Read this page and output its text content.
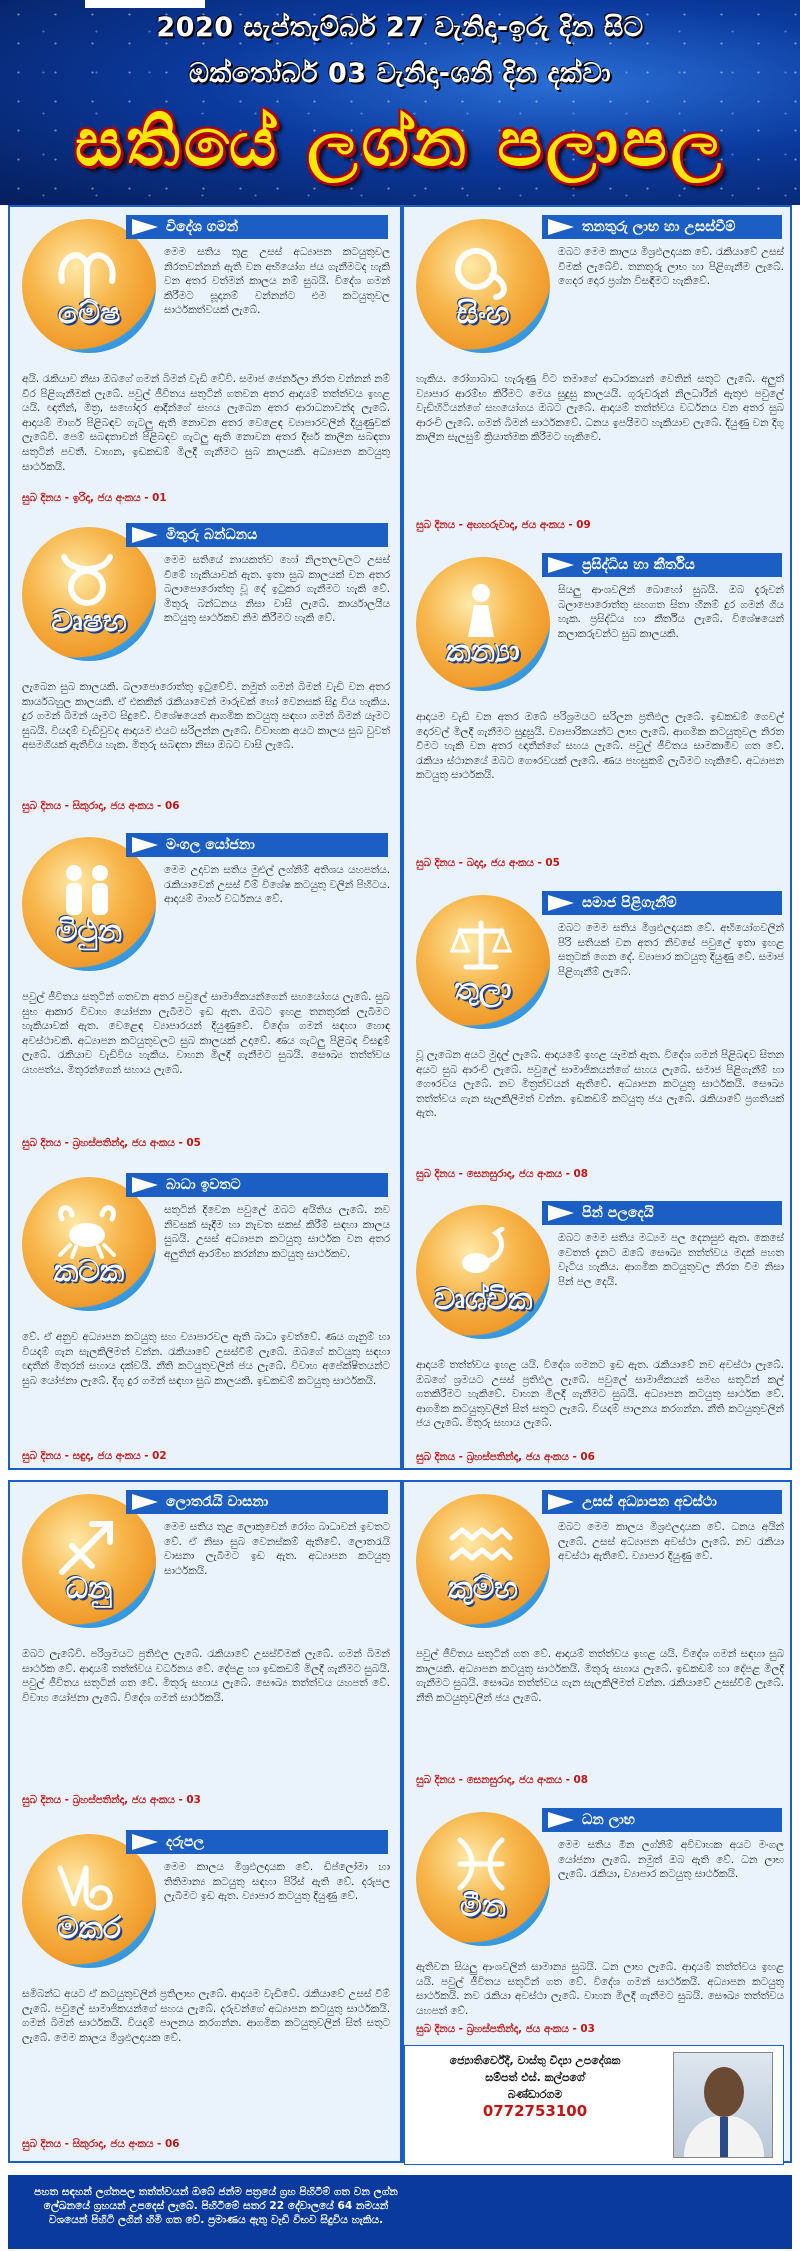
2020 සැප්තැම්බර් 27 වැනිදා-ඉරු දින සිට
ඔක්තෝබර් 03 වැනිදා-ශනි දින දක්වා
සතියේ ලග්න පලාපල
මේෂ
විදේශ ගමන්
මෙම සතිය තුළ උසස් අධ්‍යාපන කටයුතුවල නිරතවන්නන් ඇති වන අභියෝග ජය ගැනීමටද හැකි වන අතර වත්මන් කාලය නම් සුබයි. විදේශ ගමන් කිරීමට සූදානම් වන්නන්ට එම කටයුතුවල සාර්ථකත්වයක් ලැබේ.
අයි. රැකියාව නිසා ඔබගේ ගමන් බිමන් වැඩි වේවි. සමාජ ජෙර්නලා නිරත වන්නන් නම් වීර පිළිගැනීමක් ලැබේ. පවුල් ජීවිතය සතුටින් ගතවන අතර ආදායම් තත්ත්වය ඉහළ යයි. ඥාතීන්, මිත්‍ර, සහෝදර ආදීන්ගේ සහය ලැබෙන අතර ආරාධනාවන්ද ලැබේ. ආදායම් මාර්ග පිළිබඳව ගැටලු ඇති නොවන අතර වෙළෙඳ ව්‍යාපාරවලින් දියුණුවක් ලැබේවි. පෙම් සබඳතාවන් පිළිබඳව ගැටලු ඇති නොවන අතර දීර්ඝ කාලීන සබඳතා සතුටින් පවතී. වාහන, ඉඩකඩම් මිලදී ගැනීමට සුබ කාලයකි. අධ්‍යාපන කටයුතු සාර්ථකයි.
සුබ දිනය - ඉරිදා, ජය අංකය - 01
වෘෂභ
මිතුරු බන්ධනය
මෙම සතියේ නායකත්ව හෝ නිලතලවලට උසස් වීමේ හැකියාවක් ඇත. ඉතා සුබ කාලයක් වන අතර බලාපොරොත්තු වූ දේ ඉටුකර ගැනීමට හැකි වේ. මිතුරු බන්ධනය නිසා වාසි ලැබේ. කාර්යාලයීය කටයුතු සාර්ථකව නිම කිරීමට හැකි වේ.
ලැබෙන සුබ කාලයකි. බලාපොරොත්තු ඉටුවේවි. නමුත් ගමන් බිමන් වැඩි වන අතර කාර්යබහුල කාලයකි. ඒ එකකින් රැකියාවෙන් මාරුවක් හෝ වෙනසක් සිදු විය හැකිය. දුර ගමන් බිමන් යෑමට සිදුවේ. විශේෂයෙන් ආගමික කටයුතු සඳහා ගමන් බිමන් යෑමට සුබයි. වියදම් වැඩිවුවද ආදායම එයට සරිලන්න ලැබේ. විවාහක අයට කාලය සුබ වුවත් අසමගියක් ඇතිවිය හැක. මිතුරු සබඳතා නිසා ඔබට වාසි ලැබේ.
සුබ දිනය - සිකුරාදා, ජය අංකය - 06
මිථුන
මංගල යෝජනා
මෙම උදාවන සතිය මුළුල් ලග්නිම් අතිශය යහපත්ය. රැකියාවෙන් උසස් වීම් විශේෂ කටයුතු වලින් පිහිටය. ආදායම් මාර්ග වර්ධනය වේ.
පවුල් ජීවිතය සතුටින් ගතවන අතර පවුලේ සාමාජිකයන්ගෙන් සහයෝගය ලැබේ. සුබ සුභ ආකාර විවාහ යෝජනා ලැබීමට ඉඩ ඇත. ඔබට ඉහළ තනතුරක් ලැබීමට හැකියාවක් ඇත. වෙළෙඳ ව්‍යාපාරයන් දියුණුවේ. විදේශ ගමන් සඳහා හොඳ අවස්ථාවකි. අධ්‍යාපන කටයුතුවලට සුබ කාලයක් උදාවේ. ණය ගැටලු පිළිබඳ විසඳුම් ලැබේ. රැකියාව වැඩිවිය හැකිය. වාහන මිලදී ගැනීමට සුබයි. සෞඛ්‍ය තත්ත්වය යහපත්ය. මිතුරන්ගෙන් සහාය ලැබේ.
සුබ දිනය - බ්‍රහස්පතින්දා, ජය අංකය - 05
කටක
බාධා ඉවතට
සතුටින් දිවෙන පවුලේ ඔබට අයිතිය ලැබේ. නව නිවසක් සෑදීම හා නැවත සකස් කිරීම් සඳහා කාලය සුබයි. උසස් අධ්‍යාපන කටයුතු සාර්ථක වන අතර අලුතින් ආරම්භ කරන්නා කටයුතු සාර්ථකව.
වේ. ඒ අනුව අධ්‍යාපන කටයුතු සහ ව්‍යාපාරවල ඇති බාධා ඉවත්වේ. ණය ගැනුම් හා වියදම් ගැන සැලකිලිමත් වන්න. රැකියාවේ උසස්වීම් ලැබේ. ඔබගේ කටයුතු සඳහා ඥාතීන් මිතුරන් සහාය දක්වයි. නීති කටයුතුවලින් ජය ලැබේ. විවාහ අපේක්ෂිතයන්ට සුබ යෝජනා ලැබේ. දිගු දුර ගමන් සඳහා සුබ කාලයකි. ඉඩකඩම් කටයුතු සාර්ථකයි.
සුබ දිනය - සඳුදා, ජය අංකය - 02
සිංහ
තනතුරු ලාභ හා උසස්වීම්
ඔබට මෙම කාලය මිශ්‍රඵලදායක වේ. රැකියාවේ උසස් වීමක් ලැබේවි. තනතුරු ලාභ හා පිළිගැනීම ලැබේ. ගෙදර දොර ප්‍රශ්න විසඳීමට හැකිවේ.
හැකිය. රෝගාබාධ හැරුණු විට තමාගේ ආධාරකයන් වෙතින් සතුට ලැබේ. අලුත් ව්‍යාපාර ආරම්භ කිරීමට මෙය සුදුසු කාලයයි. ගුරුවරුන් නිලධාරීන් ඇතුළු පවුලේ වැඩිහිටියන්ගේ සහයෝගය ඔබට ලැබේ. ආදායම් තත්ත්වය වර්ධනය වන අතර සුබ ආරංචි ලැබේ. ගමන් බිමන් සාර්ථකවේ. ධනය ඉපයීමට හැකියාව ලැබේ. දියුණු වන දිගු කාලීන සැලසුම් ක්‍රියාත්මක කිරීමට හැකිවේ.
සුබ දිනය - අඟහරුවාදා, ජය අංකය - 09
කන්‍යා
ප්‍රසිද්ධිය හා කීර්තිය
සියලු ආංශවලින් බොහෝ සුබයි. ඔබ දැරුවන් බලාපොරොත්තු සහගත සිතා හීනම් දුර ගමන් ගිය හැක. ප්‍රසිද්ධිය හා කීර්තිය ලැබේ. විශේෂයෙන් කලාකරුවන්ට සුබ කාලයකි.
ආදායම වැඩි වන අතර ඔබේ පරිශ්‍රමයට සරිලන ප්‍රතිඵල ලැබේ. ඉඩකඩම් ගෙවල් දොරවල් මිලදී ගැනීමට සුදුසුයි. ව්‍යාපාරිකයන්ට ලාභ ලැබේ. ආගමික කටයුතුවල නිරත වීමට හැකි වන අතර ඥාතීන්ගේ සහය ලැබේ. පවුල් ජීවිතය සාමකාමීව ගත වේ. රැකියා ස්ථානයේ ඔබට ගෞරවයක් ලැබේ. ණය පහසුකම් ලැබීමට හැකිවේ. අධ්‍යාපන කටයුතු සාර්ථකයි.
සුබ දිනය - බදාදා, ජය අංකය - 05
තුලා
සමාජ පිළිගැනීම්
ඔබට මෙම සතිය මිශ්‍රඵලදායක වේ. අභියෝගවලින් පිරි සතියක් වන අතර නිවසේ පවුලේ ඉතා ඉහළ සතුටක් ගෙන දේ. ව්‍යාපාර කටයුතු දියුණු වේ. සමාජ පිළිගැනීම් ලැබේ.
වූ ලැබෙන අයට මුදල් ලැබේ. ආදායමේ ඉහළ යෑමක් ඇත. විදේශ ගමන් පිළිබඳව සිතන අයට සුබ ආරංචි ලැබේ. පවුලේ සාමාජිකයන්ගේ සහය ලැබේ. සමාජ පිළිගැනීම් හා ගෞරවය ලැබේ. නව මිත්‍රත්වයන් ඇතිවේ. අධ්‍යාපන කටයුතු සාර්ථකයි. සෞඛ්‍ය තත්ත්වය ගැන සැලකිලිමත් වන්න. ඉඩකඩම් කටයුතු ජය ලැබේ. රැකියාවේ ප්‍රගතියක් ඇත.
සුබ දිනය - සෙනසුරාදා, ජය අංකය - 08
වෘශ්චික
පින් පලදෙයි
ඔබට මෙම සතිය මධ්‍යම පල දෙනසුළු ඇත. කෙසේ වෙතත් දැනට ඔබේ සෞඛ්‍ය තත්ත්වය මදක් පහත වැටිය හැකිය. ආගමික කටයුතුවල නිරත වීම නිසා පින් පල දෙයි.
ආදායම් තත්ත්වය ඉහළ යයි. විදේශ ගමනට ඉඩ ඇත. රැකියාවේ නව අවස්ථා ලැබේ. ඔබගේ ශ්‍රමයට උසස් ප්‍රතිඵල ලැබේ. පවුලේ සාමාජිකයන් සමඟ සතුටින් කල් ගතකිරීමට හැකිවේ. වාහන මිලදී ගැනීමට සුබයි. අධ්‍යාපන කටයුතු සාර්ථක වේ. ආගමික කටයුතුවලින් සිත් සතුට ලැබේ. වියදම් පාලනය කරගන්න. නීති කටයුතුවලින් ජය ලැබේ. මිතුරු සහාය ලැබේ.
සුබ දිනය - බ්‍රහස්පතින්දා, ජය අංකය - 06
ධනු
ලොතරැයි වාසනා
මෙම සතිය තුළ ලොකුවෙන් රෝග බාධාවන් ඉවතට වේ. ඒ නිසා සුබ වෙනස්කම් ඇතිවේ. ලොතරැයි වාසනා ලැබීමට ඉඩ ඇත. අධ්‍යාපන කටයුතු සාර්ථකයි.
ඔබට ලැබේවි. පරිශ්‍රමයට ප්‍රතිඵල ලැබේ. රැකියාවේ උසස්වීමක් ලැබේ. ගමන් බිමන් සාර්ථක වේ. ආදායම් තත්ත්වය වර්ධනය වේ. දේපළ හා ඉඩකඩම් මිලදී ගැනීමට සුබයි. පවුල් ජීවිතය සතුටින් ගත වේ. මිතුරු සහාය ලැබේ. සෞඛ්‍ය තත්ත්වය යහපත් වේ. විවාහ යෝජනා ලැබේ. විදේශ ගමන් සාර්ථකයි.
සුබ දිනය - බ්‍රහස්පතින්දා, ජය අංකය - 03
මකර
දරුපල
මෙම කාලය මිශ්‍රඵලදායක වේ. ඩිප්ලෝමා හා තිතිමාන්‍ය කටයුතු සඳහා පිරිස් ඇති වේ. දරුපල ලැබීමට ඉඩ ඇත. ව්‍යාපාර කටයුතු දියුණු වේ.
සමිබන්ධ අයට ඒ කටයුතුවලින් ප්‍රතිලාභ ලැබේ. ආදායම වැඩිවේ. රැකියාවේ උසස් වීම් ලැබේ. පවුලේ සාමාජිකයන්ගේ සහය ලැබේ. දරුවන්ගේ අධ්‍යාපන කටයුතු සාර්ථකයි. ගමන් බිමන් සාර්ථකයි. වියදම් පාලනය කරගන්න. ආගමික කටයුතුවලින් සිත් සතුට ලැබේ. මෙම කාලය මිශ්‍රඵලදායක වේ.
සුබ දිනය - සිකුරාදා, ජය අංකය - 06
කුම්භ
උසස් අධ්‍යාපන අවස්ථා
ඔබට මෙම කාලය මිශ්‍රඵලදායක වේ. ධනය අයින් ලැබේ. උසස් අධ්‍යාපන අවස්ථා ලැබේ. නව රැකියා අවස්ථා ඇතිවේ. ව්‍යාපාර දියුණු වේ.
පවුල් ජීවිතය සතුටින් ගත වේ. ආදායම් තත්ත්වය ඉහළ යයි. විදේශ ගමන් සඳහා සුබ කාලයකි. අධ්‍යාපන කටයුතු සාර්ථකයි. මිතුරු සහාය ලැබේ. ඉඩකඩම් හා දේපළ මිලදී ගැනීමට සුබයි. සෞඛ්‍ය තත්ත්වය ගැන සැලකිලිමත් වන්න. රැකියාවේ උසස්වීම් ලැබේ. නීති කටයුතුවලින් ජය ලැබේ.
සුබ දිනය - සෙනසුරාදා, ජය අංකය - 08
මීන
ධන ලාභ
මෙම සතිය මීන ලග්නිම් අවිවාහක අයට මංගල යෝජනා ලැබේ. නමුත් ඔබ ඇති වේ. ධන ලාභ ලැබේ. රැකියා, ව්‍යාපාර කටයුතු සාර්ථකයි.
ඇතිවන සියලු ආංශවලින් සාමාන්‍ය සුබයි. ධන ලාභ ලැබේ. ආදායම් තත්ත්වය ඉහළ යයි. පවුල් ජීවිතය සතුටින් ගත වේ. විදේශ ගමන් සාර්ථකයි. අධ්‍යාපන කටයුතු සාර්ථකයි. නව රැකියා අවස්ථා ලැබේ. වාහන මිලදී ගැනීමට සුබයි. සෞඛ්‍ය තත්ත්වය යහපත් වේ.
සුබ දිනය - බ්‍රහස්පතින්දා, ජය අංකය - 03
ජ්‍යොතිර්වේදී, වාස්තු විද්‍යා උපදේශක
සම්පත් එස්. කල්පගේ
බණ්ඩාරගම
0772753100
පහත සඳහන් ලග්නපල තත්ත්වයන් ඔබේ ජන්ම පත්‍රයේ ග්‍රහ පිහිටීම් ගත වන ලග්න ලේඛනයේ ග්‍රහයන් උපදෙස් ලැබේ. පිහිටීමේ සතර 22 දේවාලයේ 64 නමයන් වශයෙන් පිහිටි ලගින් හිමි ගත වේ. ප්‍රමාණය ඇතු වැඩි විභව සිදුවිය හැකිය.
